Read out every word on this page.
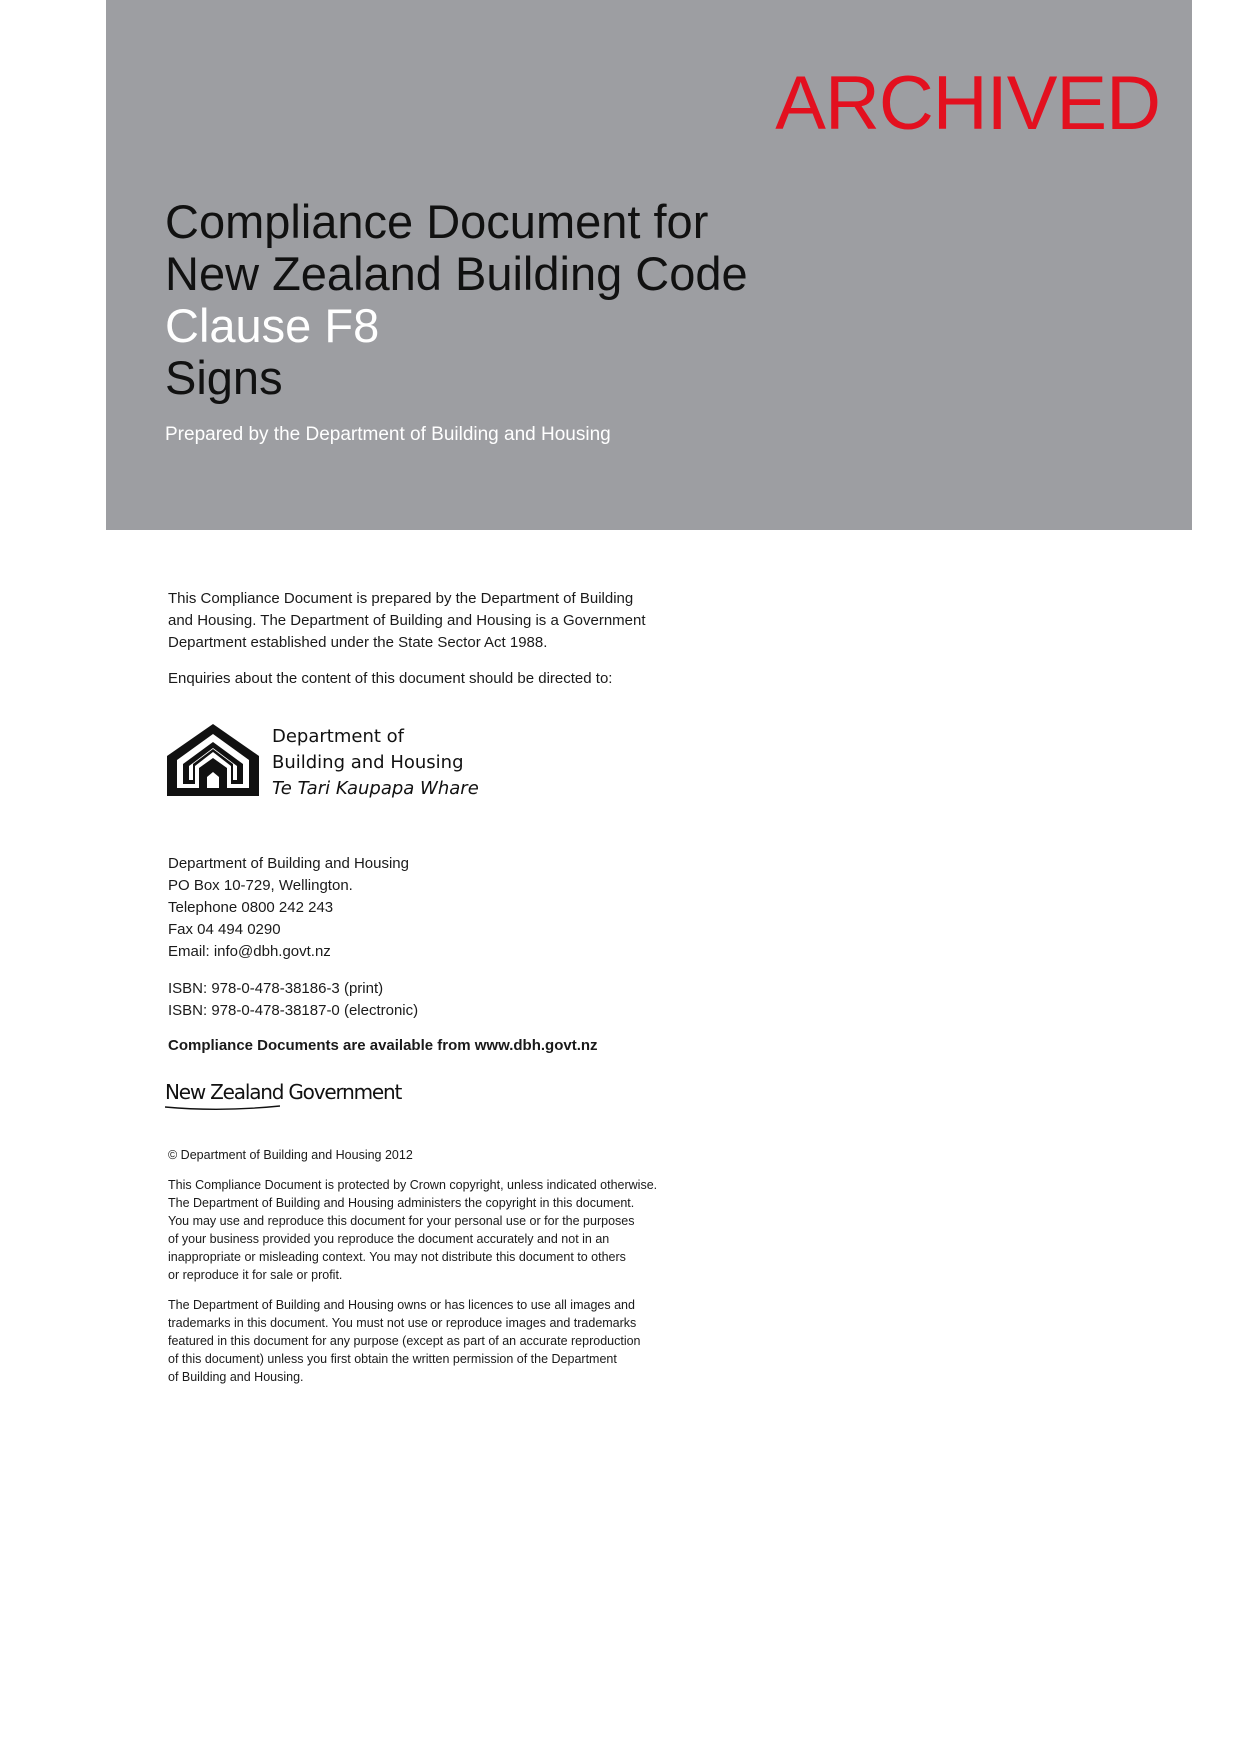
ARCHIVED
Compliance Document for
New Zealand Building Code
Clause F8
Signs
Prepared by the Department of Building and Housing
This Compliance Document is prepared by the Department of Building
and Housing. The Department of Building and Housing is a Government
Department established under the State Sector Act 1988.
Enquiries about the content of this document should be directed to:
Department of
Building and Housing
Te Tari Kaupapa Whare
Department of Building and Housing
PO Box 10-729, Wellington.
Telephone 0800 242 243
Fax 04 494 0290
Email: info@dbh.govt.nz
ISBN: 978-0-478-38186-3 (print)
ISBN: 978-0-478-38187-0 (electronic)
Compliance Documents are available from www.dbh.govt.nz
New Zealand Government
© Department of Building and Housing 2012
This Compliance Document is protected by Crown copyright, unless indicated otherwise.
The Department of Building and Housing administers the copyright in this document.
You may use and reproduce this document for your personal use or for the purposes
of your business provided you reproduce the document accurately and not in an
inappropriate or misleading context. You may not distribute this document to others
or reproduce it for sale or profit.
The Department of Building and Housing owns or has licences to use all images and
trademarks in this document. You must not use or reproduce images and trademarks
featured in this document for any purpose (except as part of an accurate reproduction
of this document) unless you first obtain the written permission of the Department
of Building and Housing.
